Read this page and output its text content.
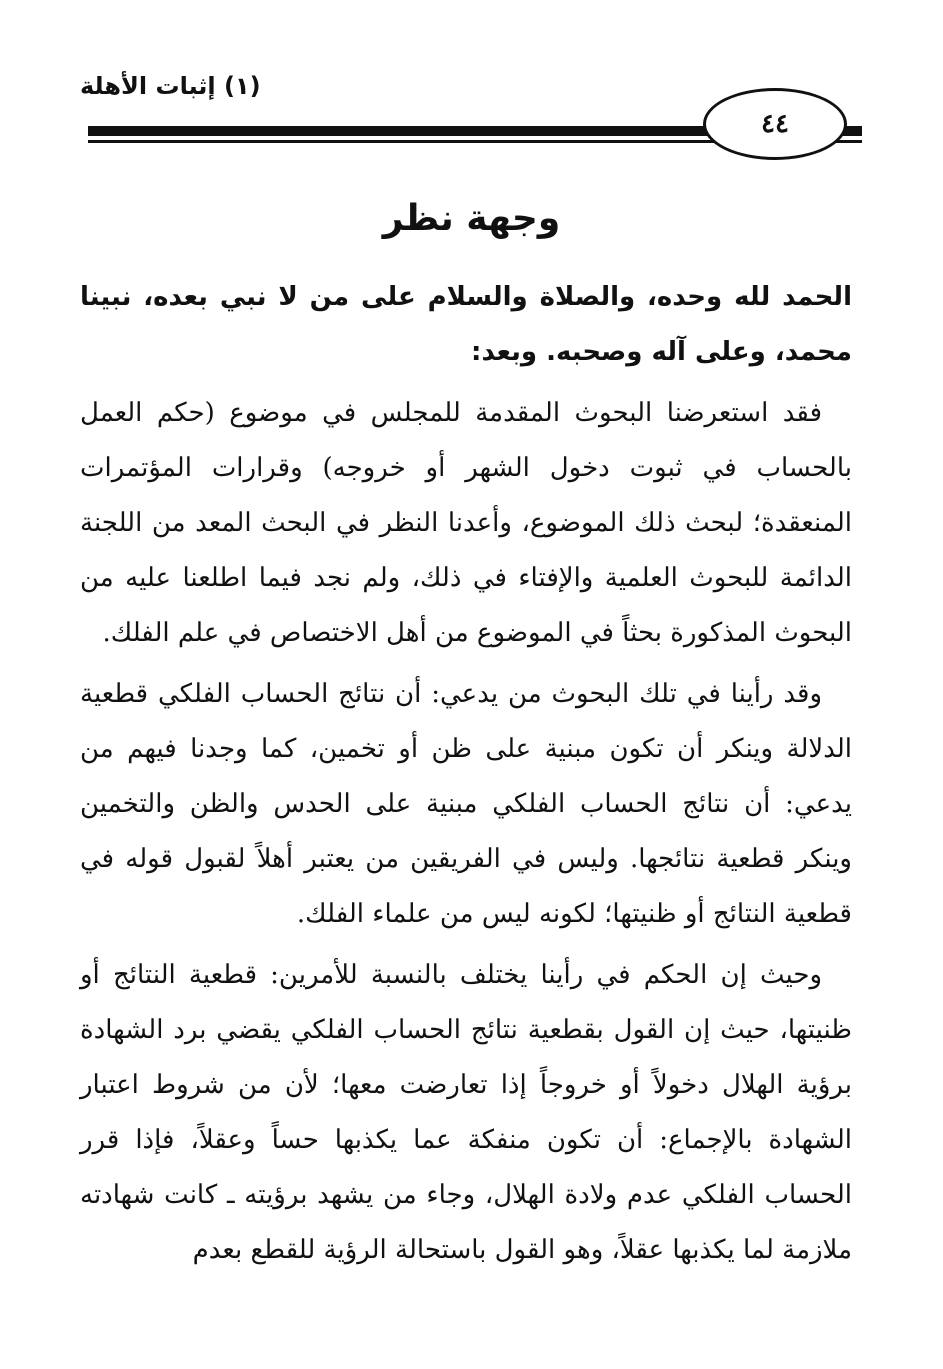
(۱) إثبات الأهلة
٤٤
وجهة نظر

الحمد لله وحده، والصلاة والسلام على من لا نبي بعده، نبينا محمد، وعلى آله وصحبه. وبعد:

فقد استعرضنا البحوث المقدمة للمجلس في موضوع (حكم العمل بالحساب في ثبوت دخول الشهر أو خروجه) وقرارات المؤتمرات المنعقدة؛ لبحث ذلك الموضوع، وأعدنا النظر في البحث المعد من اللجنة الدائمة للبحوث العلمية والإفتاء في ذلك، ولم نجد فيما اطلعنا عليه من البحوث المذكورة بحثاً في الموضوع من أهل الاختصاص في علم الفلك.

وقد رأينا في تلك البحوث من يدعي: أن نتائج الحساب الفلكي قطعية الدلالة وينكر أن تكون مبنية على ظن أو تخمين، كما وجدنا فيهم من يدعي: أن نتائج الحساب الفلكي مبنية على الحدس والظن والتخمين وينكر قطعية نتائجها. وليس في الفريقين من يعتبر أهلاً لقبول قوله في قطعية النتائج أو ظنيتها؛ لكونه ليس من علماء الفلك.

وحيث إن الحكم في رأينا يختلف بالنسبة للأمرين: قطعية النتائج أو ظنيتها، حيث إن القول بقطعية نتائج الحساب الفلكي يقضي برد الشهادة برؤية الهلال دخولاً أو خروجاً إذا تعارضت معها؛ لأن من شروط اعتبار الشهادة بالإجماع: أن تكون منفكة عما يكذبها حساً وعقلاً، فإذا قرر الحساب الفلكي عدم ولادة الهلال، وجاء من يشهد برؤيته ـ كانت شهادته ملازمة لما يكذبها عقلاً، وهو القول باستحالة الرؤية للقطع بعدم
